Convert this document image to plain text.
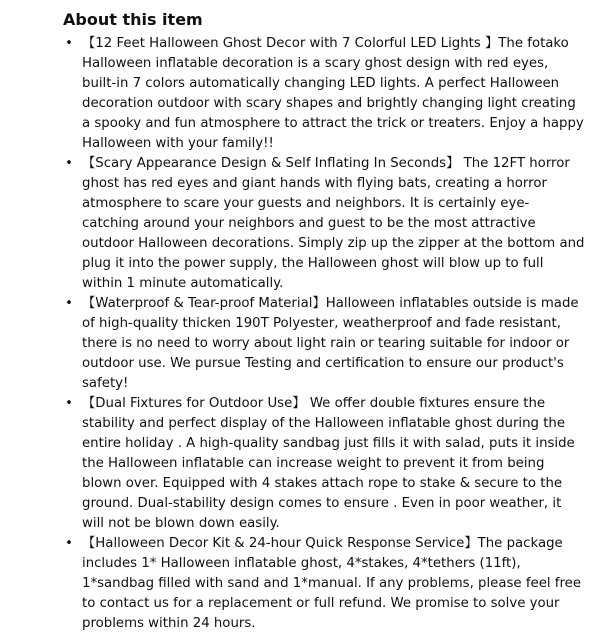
About this item
• 【12 Feet Halloween Ghost Decor with 7 Colorful LED Lights 】The fotako Halloween inflatable decoration is a scary ghost design with red eyes, built-in 7 colors automatically changing LED lights. A perfect Halloween decoration outdoor with scary shapes and brightly changing light creating a spooky and fun atmosphere to attract the trick or treaters. Enjoy a happy Halloween with your family!!
• 【Scary Appearance Design & Self Inflating In Seconds】 The 12FT horror ghost has red eyes and giant hands with flying bats, creating a horror atmosphere to scare your guests and neighbors. It is certainly eye-catching around your neighbors and guest to be the most attractive outdoor Halloween decorations. Simply zip up the zipper at the bottom and plug it into the power supply, the Halloween ghost will blow up to full within 1 minute automatically.
• 【Waterproof & Tear-proof Material】Halloween inflatables outside is made of high-quality thicken 190T Polyester, weatherproof and fade resistant, there is no need to worry about light rain or tearing suitable for indoor or outdoor use. We pursue Testing and certification to ensure our product's safety!
• 【Dual Fixtures for Outdoor Use】 We offer double fixtures ensure the stability and perfect display of the Halloween inflatable ghost during the entire holiday . A high-quality sandbag just fills it with salad, puts it inside the Halloween inflatable can increase weight to prevent it from being blown over. Equipped with 4 stakes attach rope to stake & secure to the ground. Dual-stability design comes to ensure . Even in poor weather, it will not be blown down easily.
• 【Halloween Decor Kit & 24-hour Quick Response Service】The package includes 1* Halloween inflatable ghost, 4*stakes, 4*tethers (11ft), 1*sandbag filled with sand and 1*manual. If any problems, please feel free to contact us for a replacement or full refund. We promise to solve your problems within 24 hours.
